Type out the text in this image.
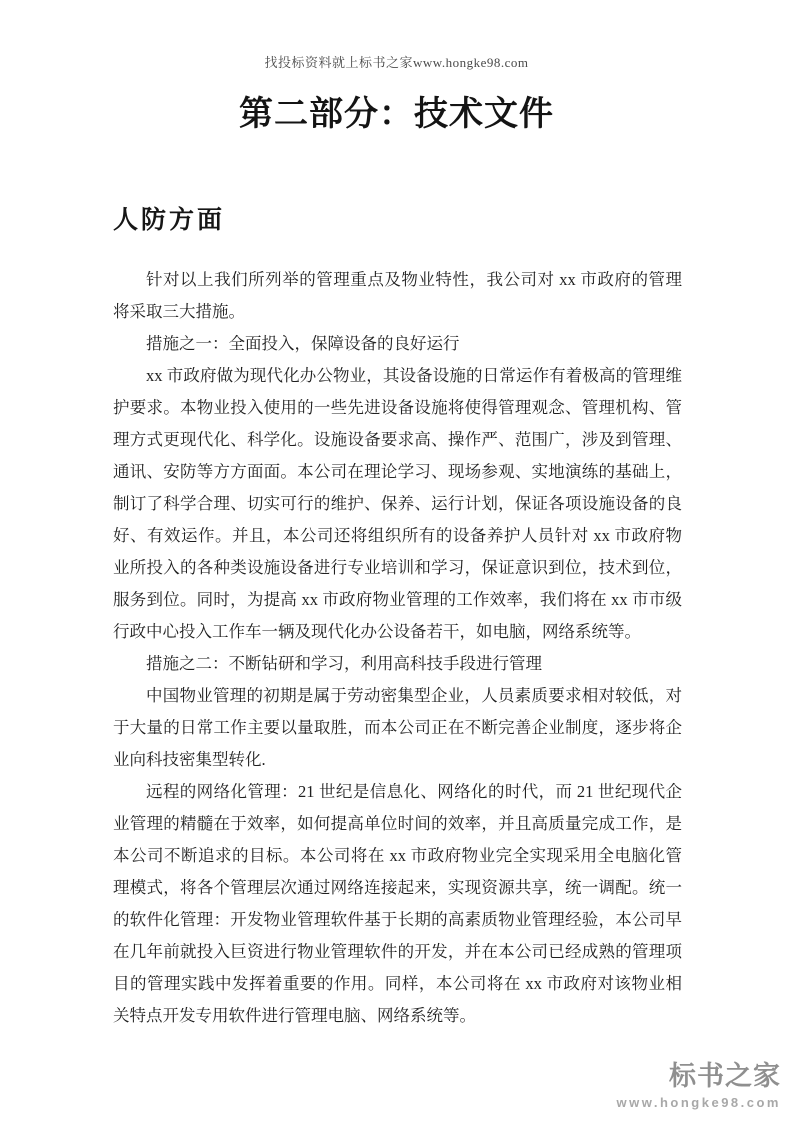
找投标资料就上标书之家www.hongke98.com
第二部分：技术文件
人防方面

针对以上我们所列举的管理重点及物业特性，我公司对 xx 市政府的管理将采取三大措施。

措施之一：全面投入，保障设备的良好运行

xx 市政府做为现代化办公物业，其设备设施的日常运作有着极高的管理维护要求。本物业投入使用的一些先进设备设施将使得管理观念、管理机构、管理方式更现代化、科学化。设施设备要求高、操作严、范围广，涉及到管理、通讯、安防等方方面面。本公司在理论学习、现场参观、实地演练的基础上，制订了科学合理、切实可行的维护、保养、运行计划，保证各项设施设备的良好、有效运作。并且，本公司还将组织所有的设备养护人员针对 xx 市政府物业所投入的各种类设施设备进行专业培训和学习，保证意识到位，技术到位，服务到位。同时，为提高 xx 市政府物业管理的工作效率，我们将在 xx 市市级行政中心投入工作车一辆及现代化办公设备若干，如电脑，网络系统等。

措施之二：不断钻研和学习，利用高科技手段进行管理

中国物业管理的初期是属于劳动密集型企业，人员素质要求相对较低，对于大量的日常工作主要以量取胜，而本公司正在不断完善企业制度，逐步将企业向科技密集型转化.

远程的网络化管理：21 世纪是信息化、网络化的时代，而 21 世纪现代企业管理的精髓在于效率，如何提高单位时间的效率，并且高质量完成工作，是本公司不断追求的目标。本公司将在 xx 市政府物业完全实现采用全电脑化管理模式，将各个管理层次通过网络连接起来，实现资源共享，统一调配。统一的软件化管理：开发物业管理软件基于长期的高素质物业管理经验，本公司早在几年前就投入巨资进行物业管理软件的开发，并在本公司已经成熟的管理项目的管理实践中发挥着重要的作用。同样，本公司将在 xx 市政府对该物业相关特点开发专用软件进行管理电脑、网络系统等。

标书之家
www.hongke98.com
